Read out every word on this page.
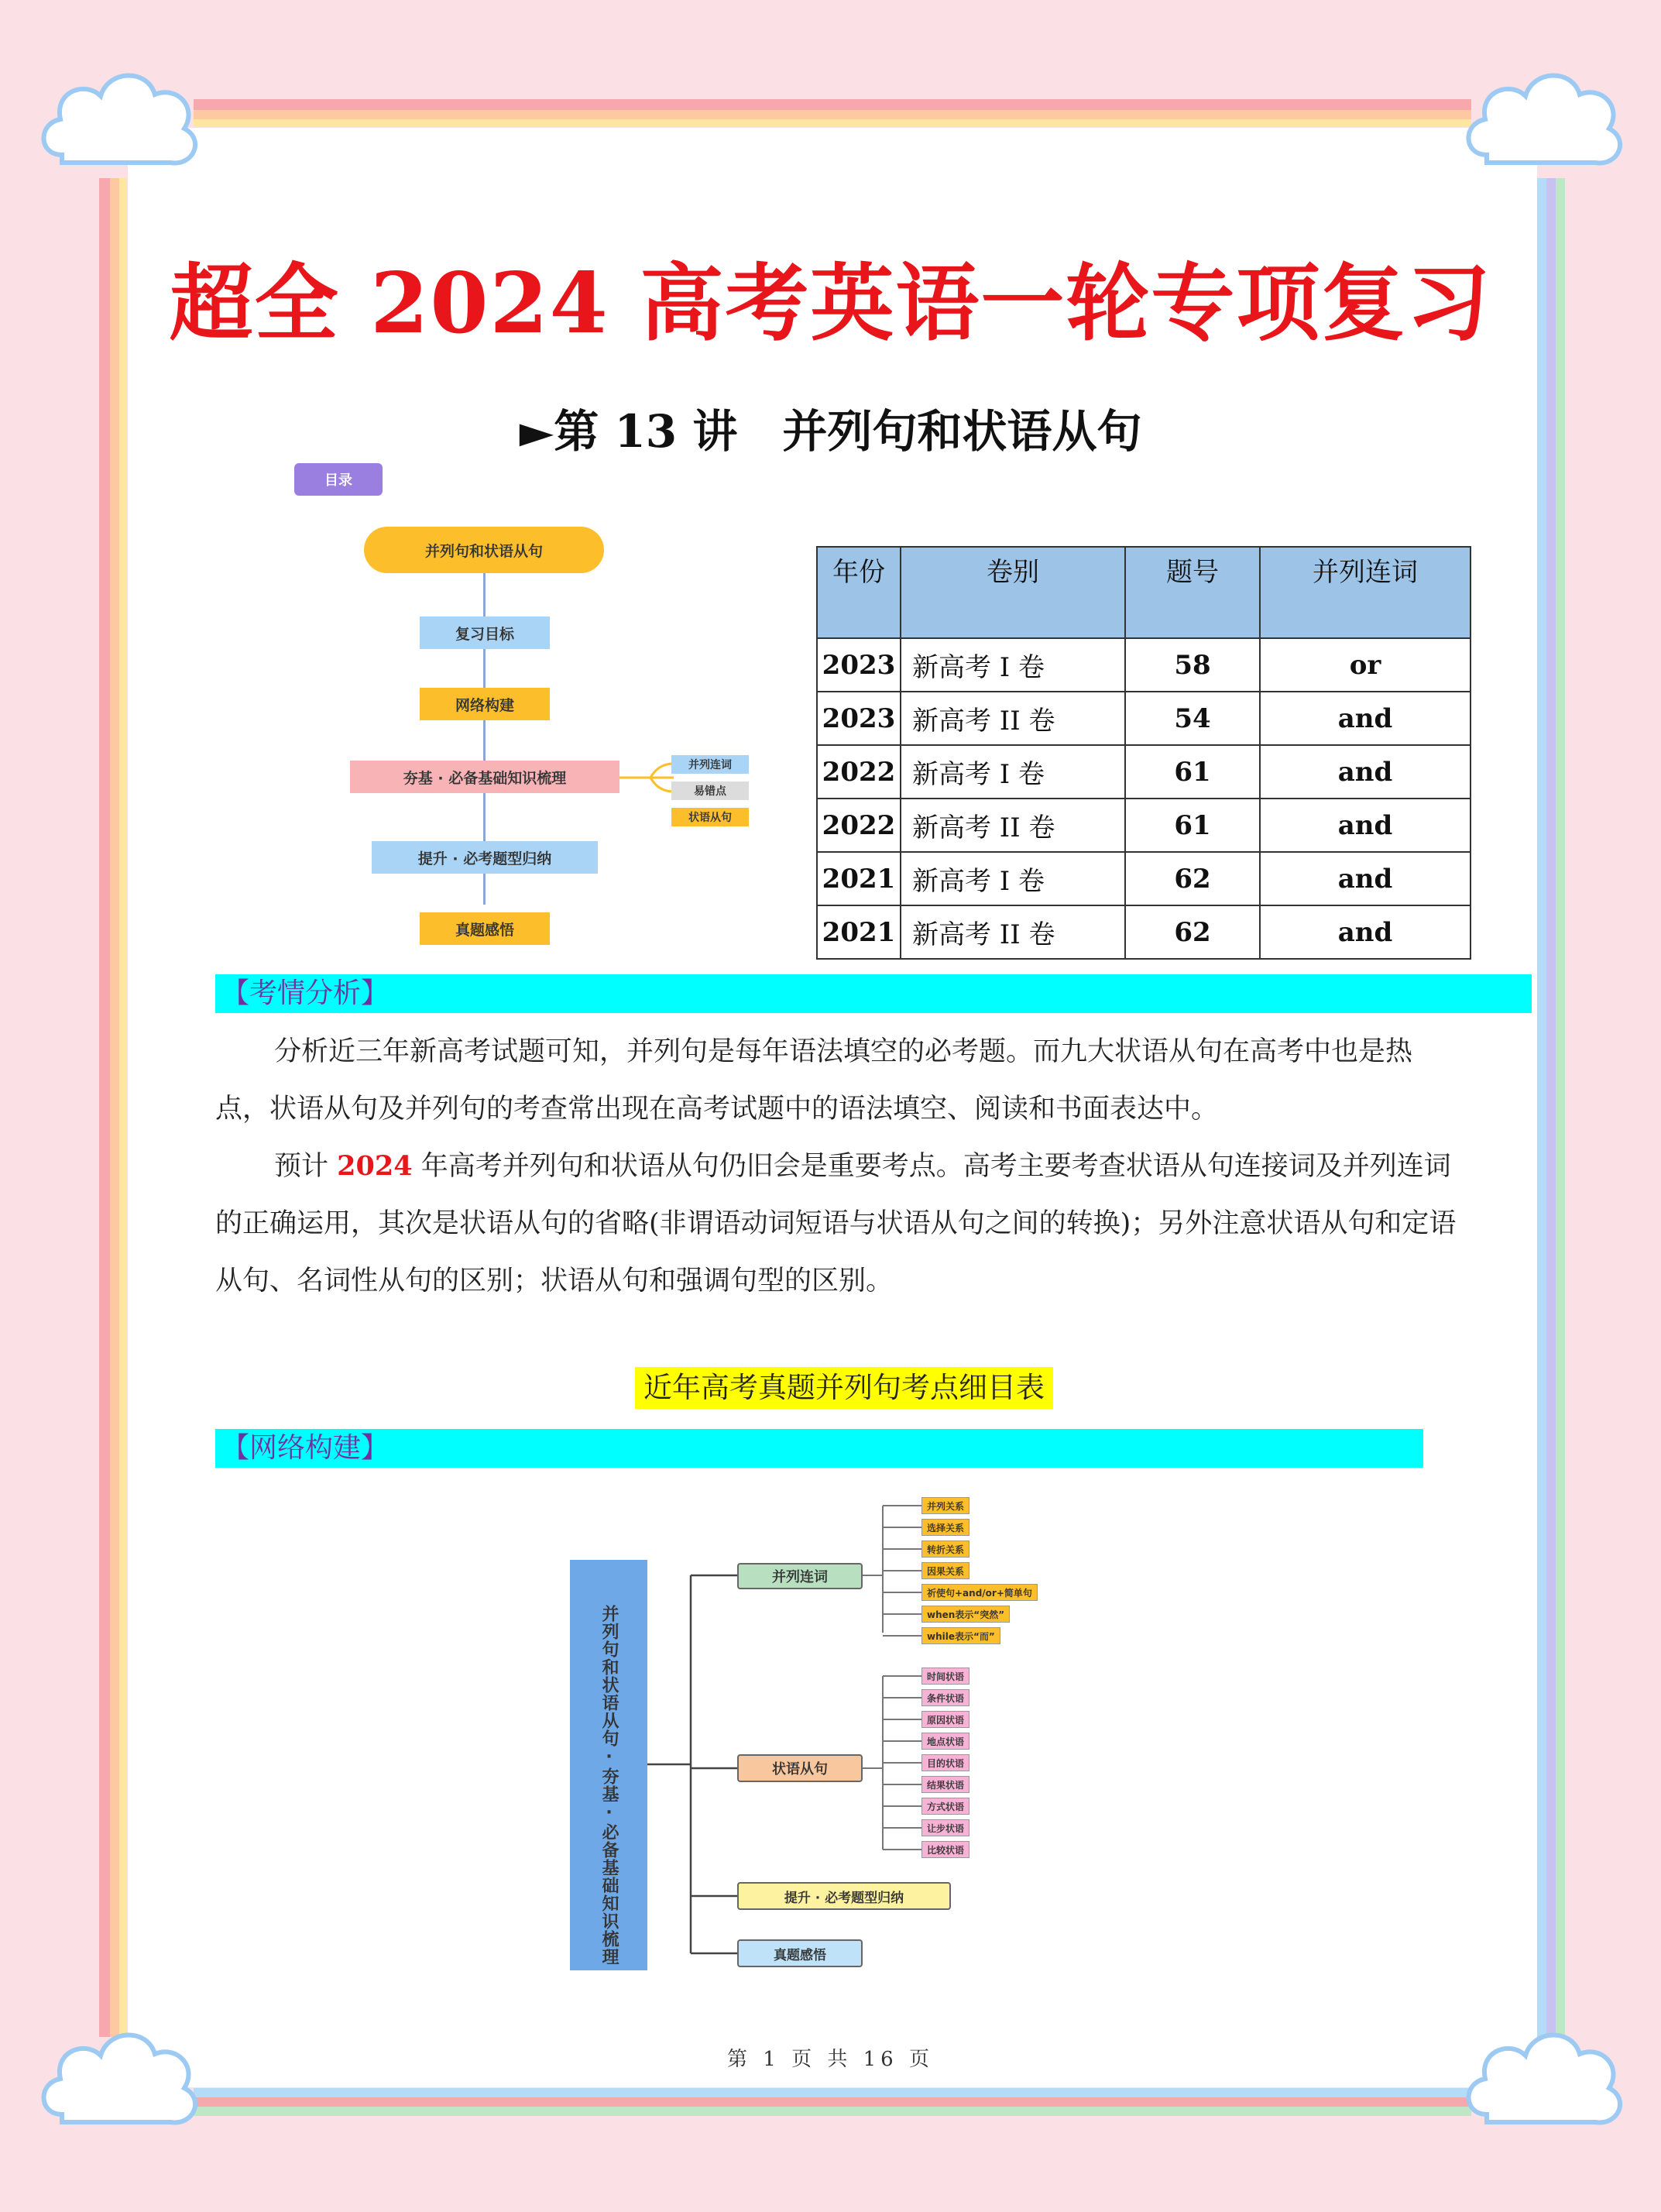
超全 2024 高考英语一轮专项复习
►第 13 讲　并列句和状语从句
目录
并列句和状语从句
复习目标
网络构建
夯基 · 必备基础知识梳理
提升 · 必考题型归纳
真题感悟
并列连词
易错点
状语从句
年份	卷别	题号	并列连词
2023	新高考 I 卷	58	or
2023	新高考 II 卷	54	and
2022	新高考 I 卷	61	and
2022	新高考 II 卷	61	and
2021	新高考 I 卷	62	and
2021	新高考 II 卷	62	and
【考情分析】
分析近三年新高考试题可知，并列句是每年语法填空的必考题。而九大状语从句在高考中也是热点，状语从句及并列句的考查常出现在高考试题中的语法填空、阅读和书面表达中。
预计 2024 年高考并列句和状语从句仍旧会是重要考点。高考主要考查状语从句连接词及并列连词的正确运用，其次是状语从句的省略(非谓语动词短语与状语从句之间的转换)；另外注意状语从句和定语从句、名词性从句的区别；状语从句和强调句型的区别。
近年高考真题并列句考点细目表
【网络构建】
并列句和状语从句·夯基·必备基础知识梳理
并列连词
状语从句
提升 · 必考题型归纳
真题感悟
并列关系
选择关系
转折关系
因果关系
祈使句+and/or+简单句
when表示“突然”
while表示“而”
时间状语
条件状语
原因状语
地点状语
目的状语
结果状语
方式状语
让步状语
比较状语
第 1 页 共 16 页
